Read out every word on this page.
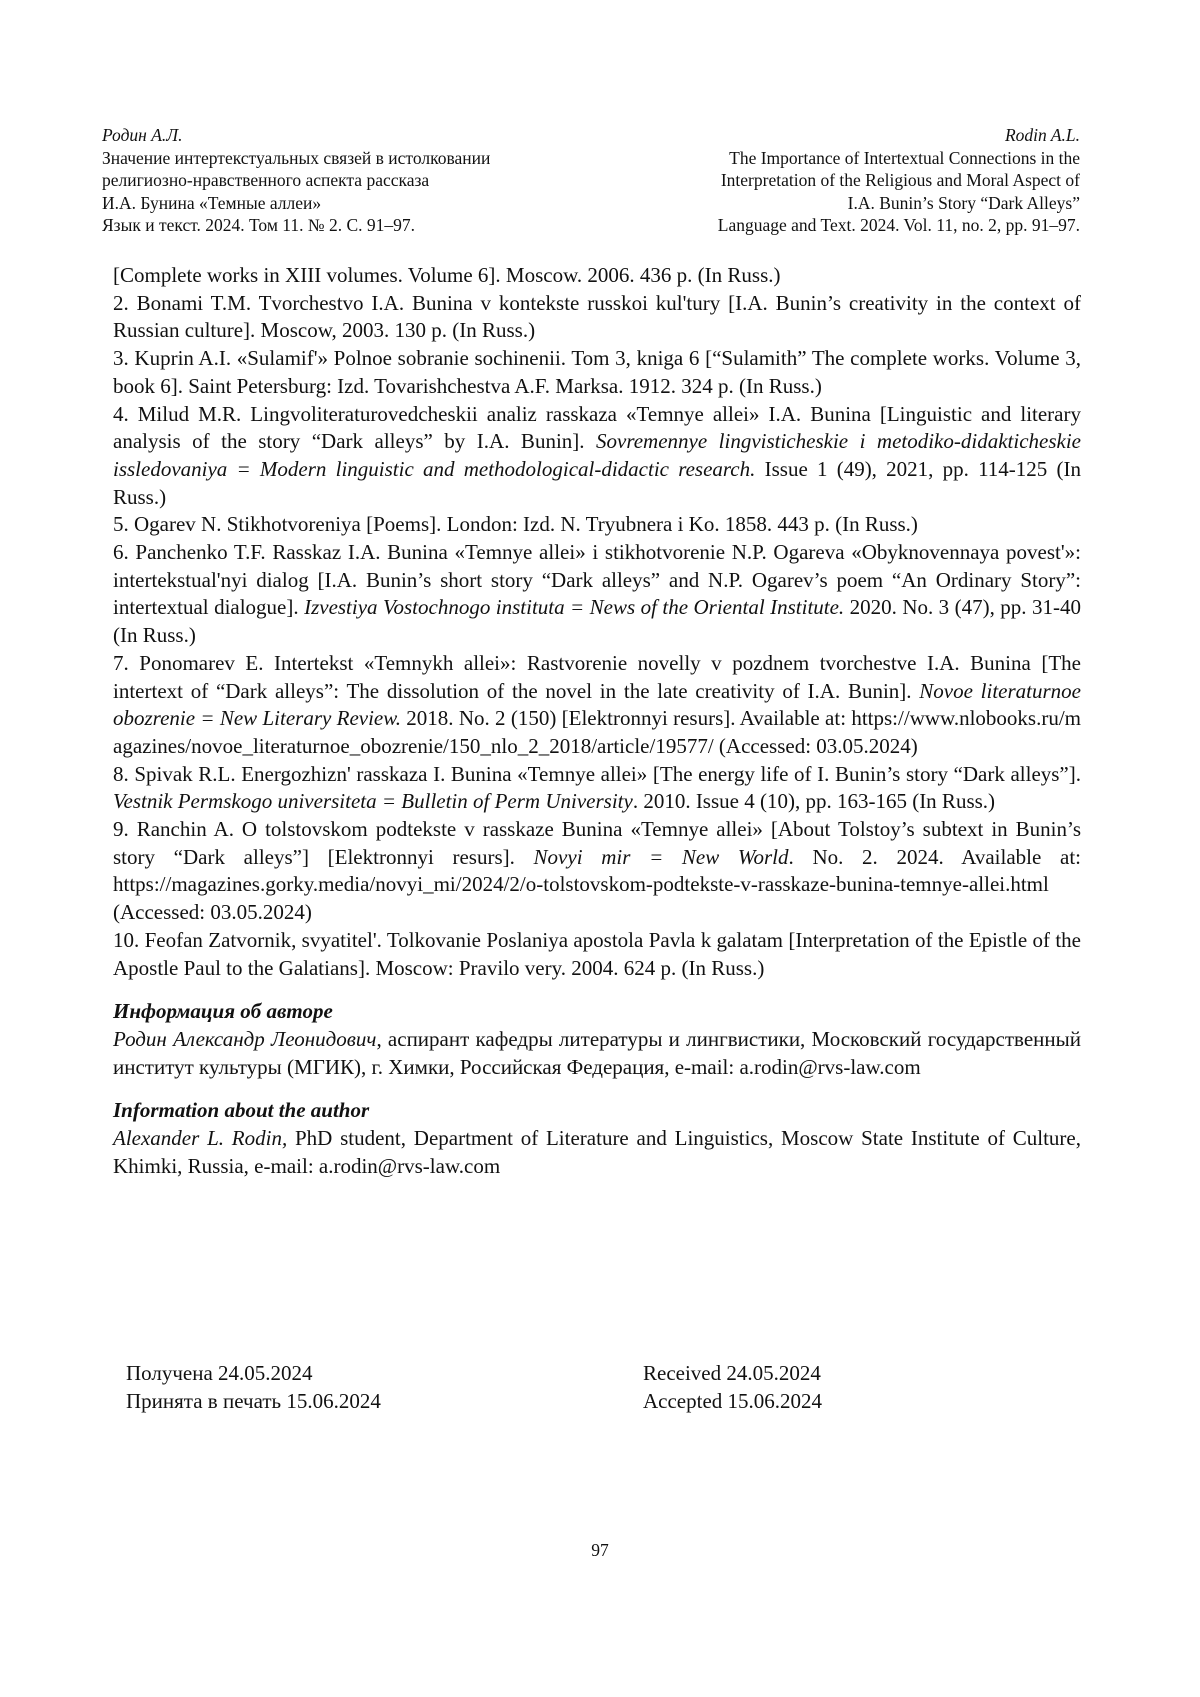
Родин А.Л.
Значение интертекстуальных связей в истолковании
религиозно-нравственного аспекта рассказа
И.А. Бунина «Темные аллеи»
Язык и текст. 2024. Том 11. № 2. С. 91–97.
Rodin A.L.
The Importance of Intertextual Connections in the
Interpretation of the Religious and Moral Aspect of
I.A. Bunin’s Story “Dark Alleys”
Language and Text. 2024. Vol. 11, no. 2, pp. 91–97.

[Complete works in XIII volumes. Volume 6]. Moscow. 2006. 436 p. (In Russ.)

2. Bonami T.M. Tvorchestvo I.A. Bunina v kontekste russkoi kul'tury [I.A. Bunin’s creativity in the context of Russian culture]. Moscow, 2003. 130 p. (In Russ.)

3. Kuprin A.I. «Sulamif'» Polnoe sobranie sochinenii. Tom 3, kniga 6 [“Sulamith” The complete works. Volume 3, book 6]. Saint Petersburg: Izd. Tovarishchestva A.F. Marksa. 1912. 324 p. (In Russ.)

4. Milud M.R. Lingvoliteraturovedcheskii analiz rasskaza «Temnye allei» I.A. Bunina [Linguistic and literary analysis of the story “Dark alleys” by I.A. Bunin]. Sovremennye lingvisticheskie i metodiko-didakticheskie issledovaniya = Modern linguistic and methodological-didactic research. Issue 1 (49), 2021, pp. 114-125 (In Russ.)

5. Ogarev N. Stikhotvoreniya [Poems]. London: Izd. N. Tryubnera i Ko. 1858. 443 p. (In Russ.)

6. Panchenko T.F. Rasskaz I.A. Bunina «Temnye allei» i stikhotvorenie N.P. Ogareva «Obyknovennaya povest'»: intertekstual'nyi dialog [I.A. Bunin’s short story “Dark alleys” and N.P. Ogarev’s poem “An Ordinary Story”: intertextual dialogue]. Izvestiya Vostochnogo instituta = News of the Oriental Institute. 2020. No. 3 (47), pp. 31-40 (In Russ.)

7. Ponomarev E. Intertekst «Temnykh allei»: Rastvorenie novelly v pozdnem tvorchestve I.A. Bunina [The intertext of “Dark alleys”: The dissolution of the novel in the late creativity of I.A. Bunin]. Novoe literaturnoe obozrenie = New Literary Review. 2018. No. 2 (150) [Elektronnyi resurs]. Available at: https://www.nlobooks.ru/magazines/novoe_literaturnoe_obozrenie/150_nlo_2_2018/article/19577/ (Accessed: 03.05.2024)

8. Spivak R.L. Energozhizn' rasskaza I. Bunina «Temnye allei» [The energy life of I. Bunin’s story “Dark alleys”]. Vestnik Permskogo universiteta = Bulletin of Perm University. 2010. Issue 4 (10), pp. 163-165 (In Russ.)

9. Ranchin A. O tolstovskom podtekste v rasskaze Bunina «Temnye allei» [About Tolstoy’s subtext in Bunin’s story “Dark alleys”] [Elektronnyi resurs]. Novyi mir = New World. No. 2. 2024. Available at: https://magazines.gorky.media/novyi_mi/2024/2/o-tolstovskom-podtekste-v-rasskaze-bunina-temnye-allei.html (Accessed: 03.05.2024)

10. Feofan Zatvornik, svyatitel'. Tolkovanie Poslaniya apostola Pavla k galatam [Interpretation of the Epistle of the Apostle Paul to the Galatians]. Moscow: Pravilo very. 2004. 624 p. (In Russ.)

Информация об авторе

Родин Александр Леонидович, аспирант кафедры литературы и лингвистики, Московский государственный институт культуры (МГИК), г. Химки, Российская Федерация, e-mail: a.rodin@rvs-law.com

Information about the author

Alexander L. Rodin, PhD student, Department of Literature and Linguistics, Moscow State Institute of Culture, Khimki, Russia, e-mail: a.rodin@rvs-law.com

Получена 24.05.2024
Принята в печать 15.06.2024
Received 24.05.2024
Accepted 15.06.2024
97
